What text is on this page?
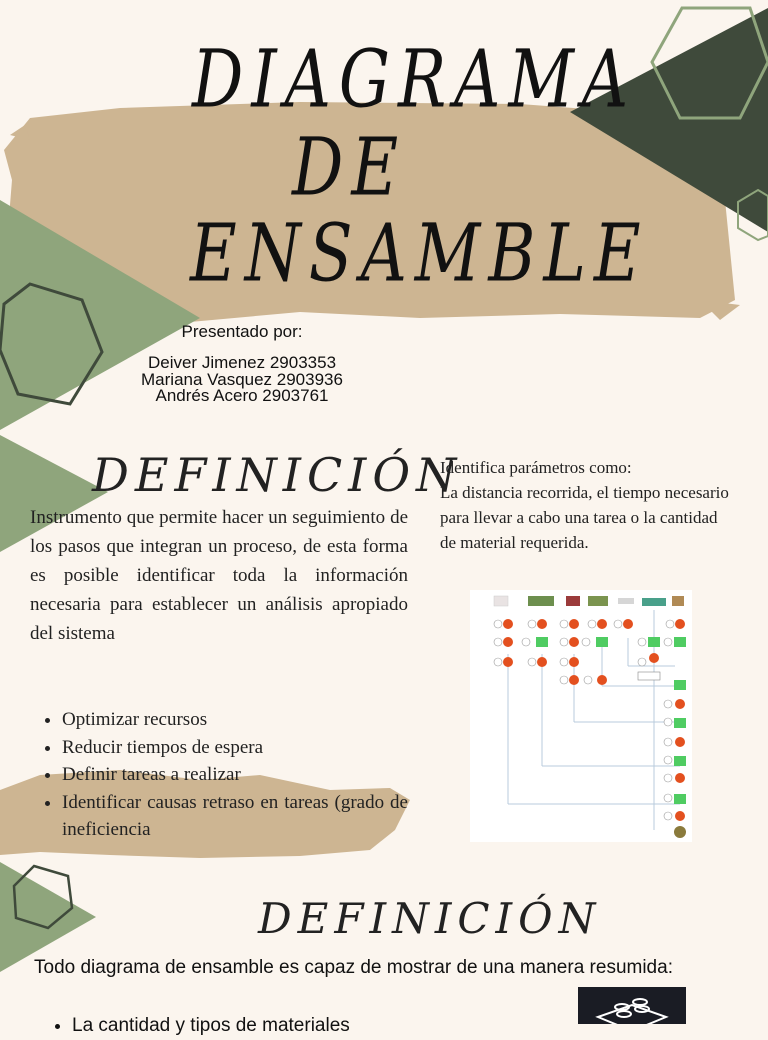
DIAGRAMA
DE
ENSAMBLE
Presentado por:
Deiver Jimenez 2903353
Mariana Vasquez 2903936
Andrés Acero 2903761
DEFINICIÓN
Instrumento que permite hacer un seguimiento de los pasos que integran un proceso, de esta forma es posible identificar toda la información necesaria para establecer un análisis apropiado del sistema
• Optimizar recursos
• Reducir tiempos de espera
• Definir tareas a realizar
• Identificar causas retraso en tareas (grado de ineficiencia
Identifica parámetros como:
La distancia recorrida, el tiempo necesario para llevar a cabo una tarea o la cantidad de material requerida.
DEFINICIÓN
Todo diagrama de ensamble es capaz de mostrar de una manera resumida:
• La cantidad y tipos de materiales
